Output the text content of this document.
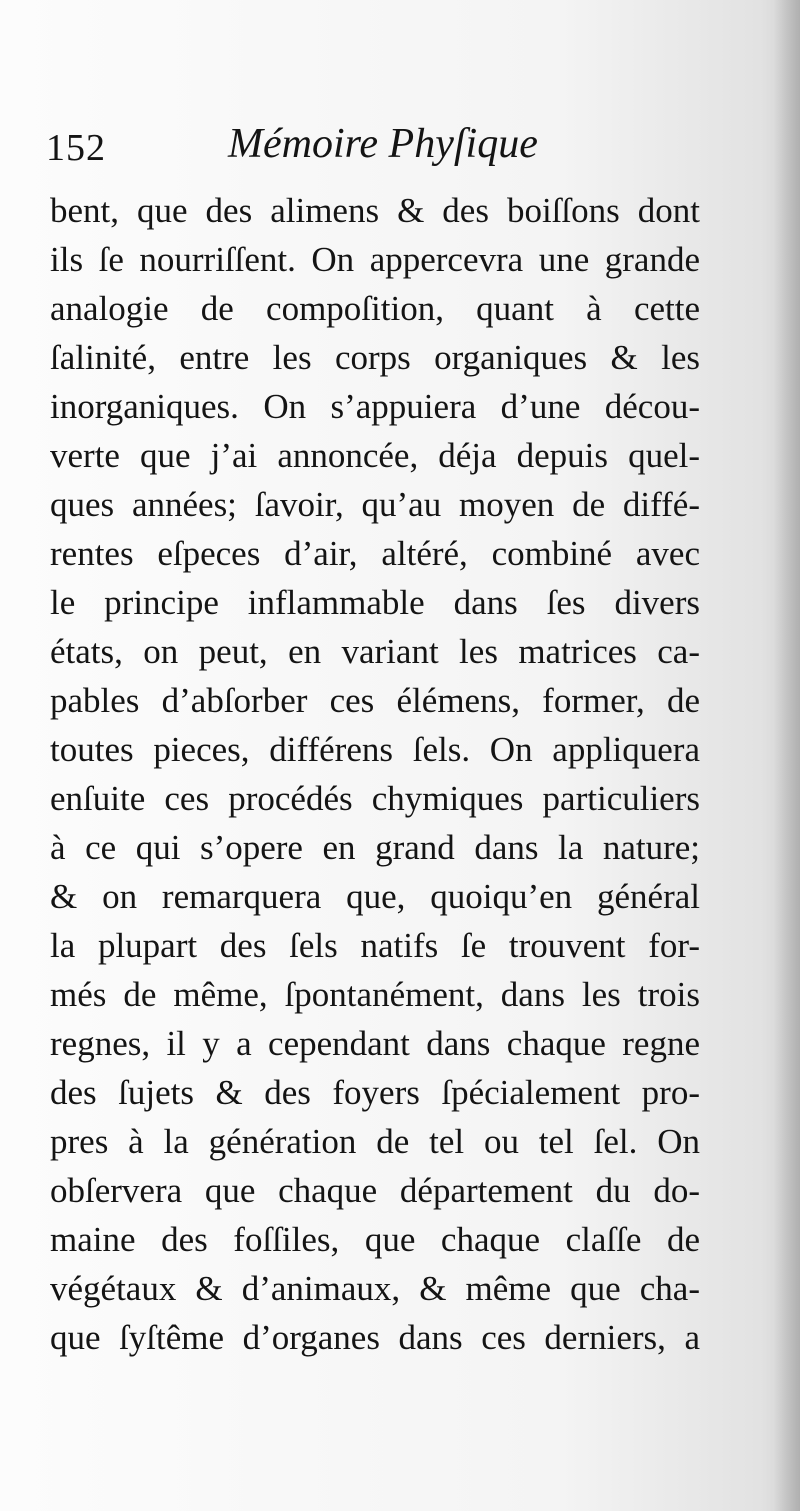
152	Mémoire Phyſique
bent, que des alimens & des boiſſons dont
ils ſe nourriſſent. On appercevra une grande
analogie de compoſition, quant à cette
ſalinité, entre les corps organiques & les
inorganiques. On s’appuiera d’une décou-
verte que j’ai annoncée, déja depuis quel-
ques années; ſavoir, qu’au moyen de diffé-
rentes eſpeces d’air, altéré, combiné avec
le principe inflammable dans ſes divers
états, on peut, en variant les matrices ca-
pables d’abſorber ces élémens, former, de
toutes pieces, différens ſels. On appliquera
enſuite ces procédés chymiques particuliers
à ce qui s’opere en grand dans la nature;
& on remarquera que, quoiqu’en général
la plupart des ſels natifs ſe trouvent for-
més de même, ſpontanément, dans les trois
regnes, il y a cependant dans chaque regne
des ſujets & des foyers ſpécialement pro-
pres à la génération de tel ou tel ſel. On
obſervera que chaque département du do-
maine des foſſiles, que chaque claſſe de
végétaux & d’animaux, & même que cha-
que ſyſtême d’organes dans ces derniers, a
